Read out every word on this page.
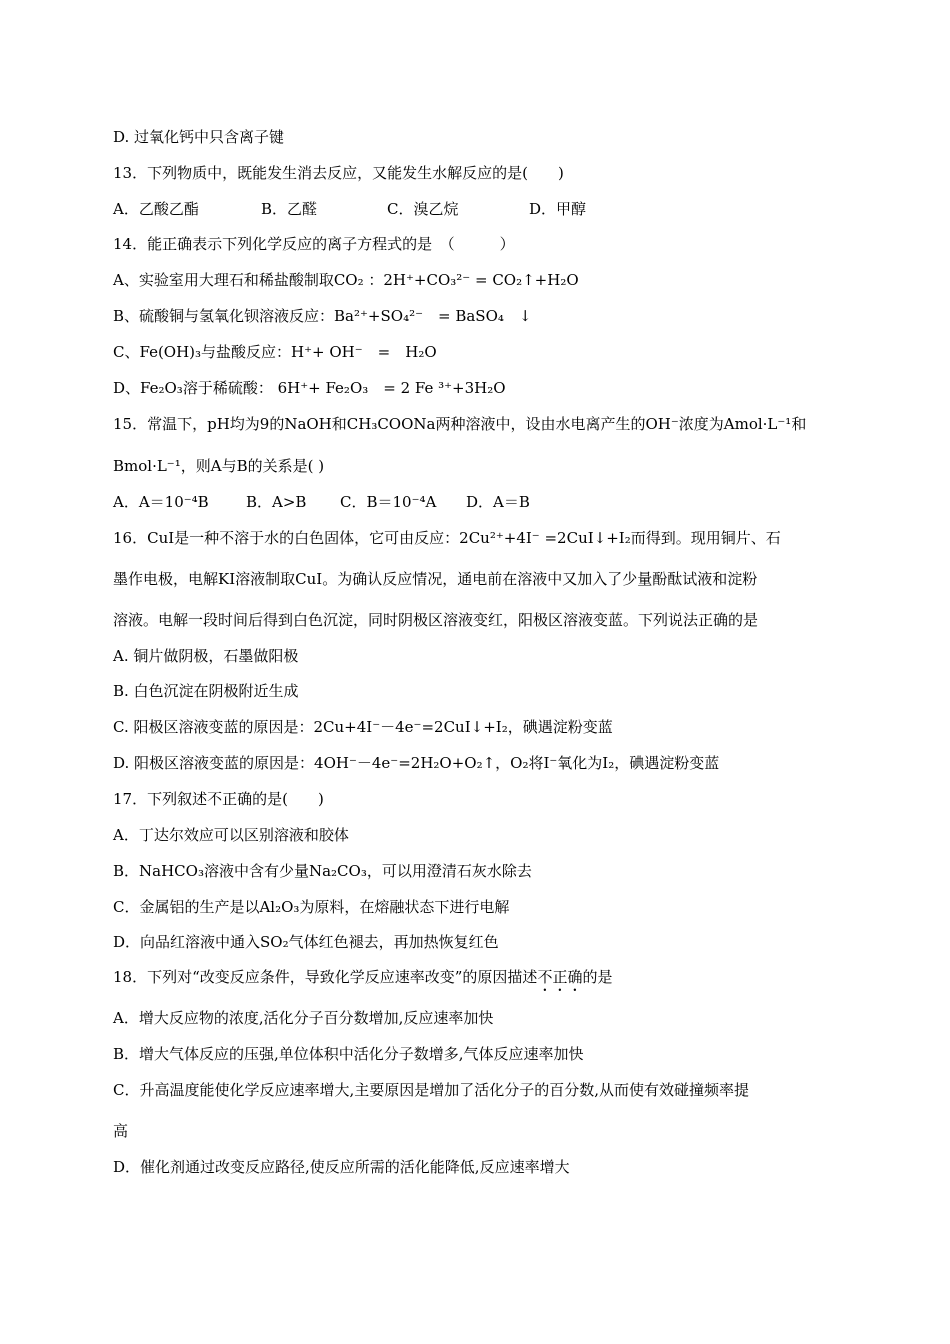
D. 过氧化钙中只含离子键
13．下列物质中，既能发生消去反应，又能发生水解反应的是(　　)
A．乙酸乙酯	B．乙醛	C．溴乙烷	D．甲醇
14．能正确表示下列化学反应的离子方程式的是　（　　　）
A、实验室用大理石和稀盐酸制取CO₂ ：2H⁺+CO₃²⁻ = CO₂↑+H₂O
B、硫酸铜与氢氧化钡溶液反应：Ba²⁺+SO₄²⁻　= BaSO₄　↓
C、Fe(OH)₃与盐酸反应：H⁺+ OH⁻　=　H₂O
D、Fe₂O₃溶于稀硫酸： 6H⁺+ Fe₂O₃　= 2 Fe ³⁺+3H₂O
15．常温下，pH均为9的NaOH和CH₃COONa两种溶液中，设由水电离产生的OH⁻浓度为Amol·L⁻¹和
Bmol·L⁻¹，则A与B的关系是( )
A．A＝10⁻⁴B B．A>B C．B＝10⁻⁴A D．A＝B
16．CuI是一种不溶于水的白色固体，它可由反应：2Cu²⁺+4I⁻ =2CuI↓+I₂而得到。现用铜片、石
墨作电极，电解KI溶液制取CuI。为确认反应情况，通电前在溶液中又加入了少量酚酞试液和淀粉
溶液。电解一段时间后得到白色沉淀，同时阴极区溶液变红，阳极区溶液变蓝。下列说法正确的是
A. 铜片做阴极，石墨做阳极
B. 白色沉淀在阴极附近生成
C. 阳极区溶液变蓝的原因是：2Cu+4I⁻－4e⁻=2CuI↓+I₂，碘遇淀粉变蓝
D. 阳极区溶液变蓝的原因是：4OH⁻－4e⁻=2H₂O+O₂↑，O₂将I⁻氧化为I₂，碘遇淀粉变蓝
17．下列叙述不正确的是(　　)
A．丁达尔效应可以区别溶液和胶体
B．NaHCO₃溶液中含有少量Na₂CO₃，可以用澄清石灰水除去
C．金属铝的生产是以Al₂O₃为原料，在熔融状态下进行电解
D．向品红溶液中通入SO₂气体红色褪去，再加热恢复红色
18．下列对“改变反应条件，导致化学反应速率改变”的原因描述不正确的是
A．增大反应物的浓度,活化分子百分数增加,反应速率加快
B．增大气体反应的压强,单位体积中活化分子数增多,气体反应速率加快
C．升高温度能使化学反应速率增大,主要原因是增加了活化分子的百分数,从而使有效碰撞频率提
高
D．催化剂通过改变反应路径,使反应所需的活化能降低,反应速率增大
